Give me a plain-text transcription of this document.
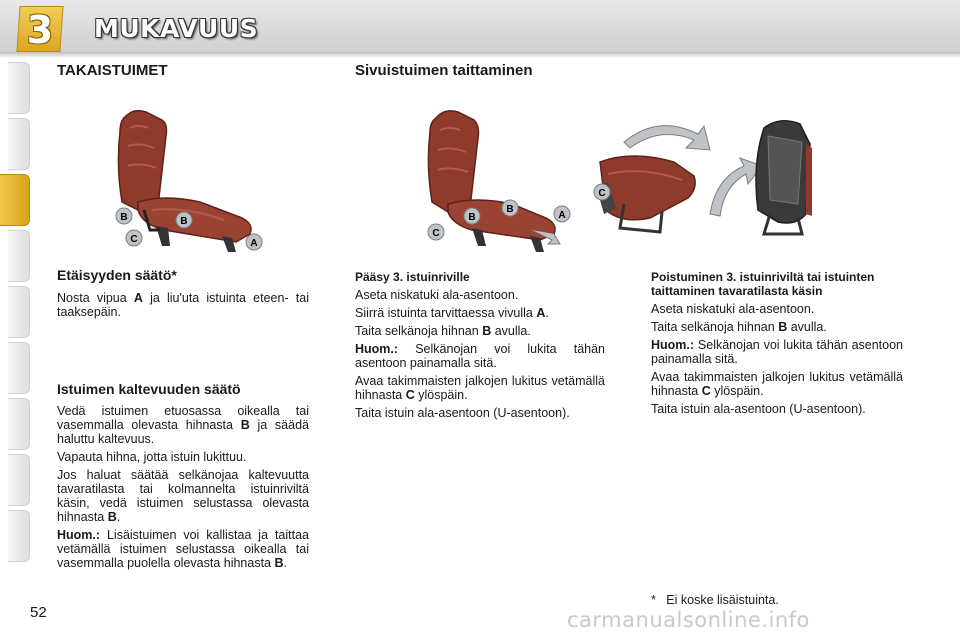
3	MUKAVUUS
TAKAISTUIMET	Sivuistuimen taittaminen
B	B
C	A
B
B
C
A
C
Etäisyyden säätö*

Nosta vipua A ja liu'uta istuinta eteen- tai taaksepäin.

Istuimen kaltevuuden säätö

Vedä istuimen etuosassa oikealla tai vasemmalla olevasta hihnasta B ja säädä haluttu kaltevuus.

Vapauta hihna, jotta istuin lukittuu.

Jos haluat säätää selkänojaa kaltevuutta tavaratilasta tai kolmannelta istuinriviltä käsin, vedä istuimen selustassa olevasta hihnasta B.

Huom.: Lisäistuimen voi kallistaa ja taittaa vetämällä istuimen selustassa oikealla tai vasemmalla puolella olevasta hihnasta B.

Pääsy 3. istuinriville

Aseta niskatuki ala-asentoon.

Siirrä istuinta tarvittaessa vivulla A.

Taita selkänoja hihnan B avulla.

Huom.: Selkänojan voi lukita tähän asentoon painamalla sitä.

Avaa takimmaisten jalkojen lukitus vetämällä hihnasta C ylöspäin.

Taita istuin ala-asentoon (U-asentoon).

Poistuminen 3. istuinriviltä tai istuinten taittaminen tavaratilasta käsin

Aseta niskatuki ala-asentoon.

Taita selkänoja hihnan B avulla.

Huom.: Selkänojan voi lukita tähän asentoon painamalla sitä.

Avaa takimmaisten jalkojen lukitus vetämällä hihnasta C ylöspäin.

Taita istuin ala-asentoon (U-asentoon).

*   Ei koske lisäistuinta.
52	carmanualsonline.info
